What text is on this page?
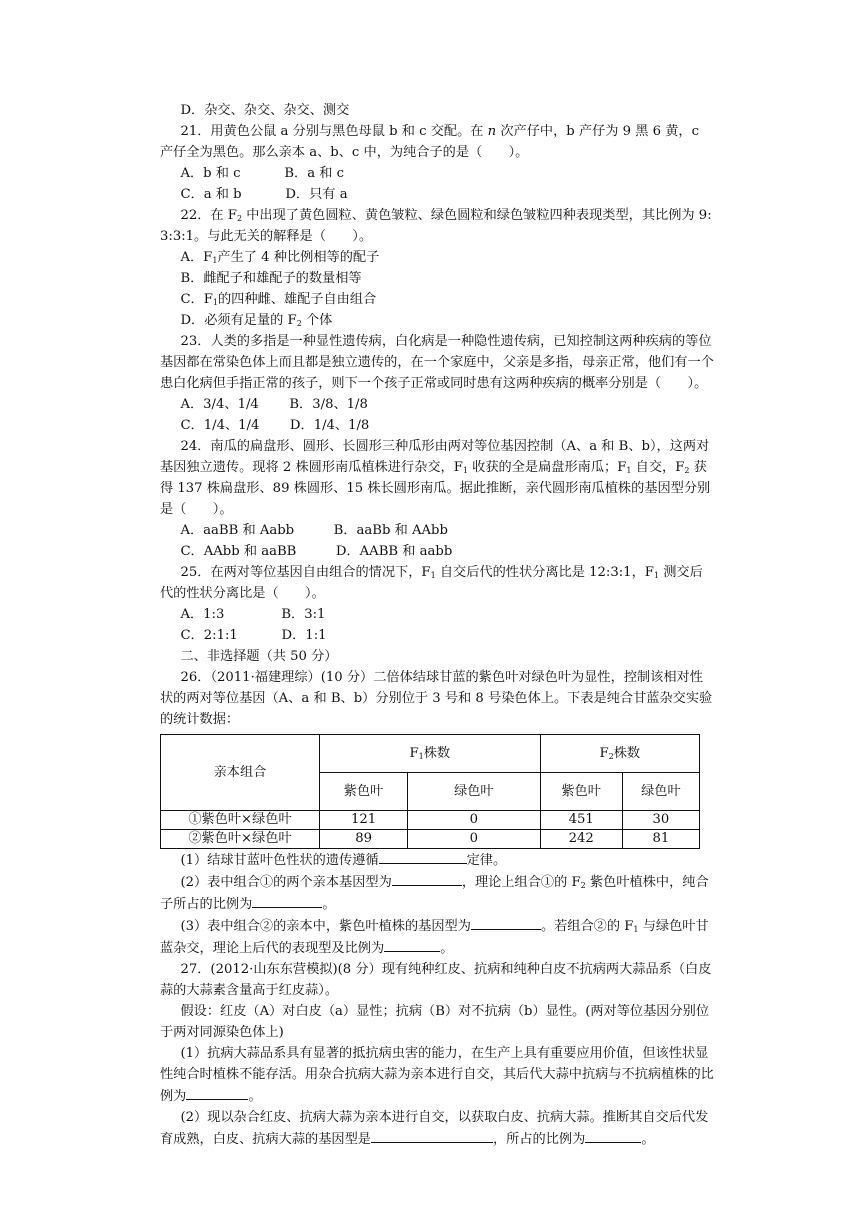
D．杂交、杂交、杂交、测交

21．用黄色公鼠 a 分别与黑色母鼠 b 和 c 交配。在 n 次产仔中，b 产仔为 9 黑 6 黄，c 产仔全为黑色。那么亲本 a、b、c 中，为纯合子的是（　　）。

A．b 和 c　　　 B．a 和 c

C．a 和 b　　　 D．只有 a

22．在 $F_2$ 中出现了黄色圆粒、黄色皱粒、绿色圆粒和绿色皱粒四种表现类型，其比例为 9:3:3:1。与此无关的解释是（　　）。

A．$F_1$产生了 4 种比例相等的配子

B．雌配子和雄配子的数量相等

C．$F_1$的四种雌、雄配子自由组合

D．必须有足量的 $F_2$ 个体

23．人类的多指是一种显性遗传病，白化病是一种隐性遗传病，已知控制这两种疾病的等位基因都在常染色体上而且都是独立遗传的，在一个家庭中，父亲是多指，母亲正常，他们有一个患白化病但手指正常的孩子，则下一个孩子正常或同时患有这两种疾病的概率分别是（　　）。

A．3/4、1/4　　 B．3/8、1/8

C．1/4、1/4　　 D．1/4、1/8

24．南瓜的扁盘形、圆形、长圆形三种瓜形由两对等位基因控制（A、a 和 B、b），这两对基因独立遗传。现将 2 株圆形南瓜植株进行杂交，$F_1$ 收获的全是扁盘形南瓜；$F_1$ 自交，$F_2$ 获得 137 株扁盘形、89 株圆形、15 株长圆形南瓜。据此推断，亲代圆形南瓜植株的基因型分别是（　　）。

A．aaBB 和 Aabb　　　B．aaBb 和 AAbb

C．AAbb 和 aaBB　　　D．AABB 和 aabb

25．在两对等位基因自由组合的情况下，$F_1$ 自交后代的性状分离比是 12:3:1，$F_1$ 测交后代的性状分离比是（　　）。

A．1:3　　　　 B．3:1

C．2:1:1　　　 D．1:1

二、非选择题（共 50 分）

26．（2011·福建理综）(10 分）二倍体结球甘蓝的紫色叶对绿色叶为显性，控制该相对性状的两对等位基因（A、a 和 B、b）分别位于 3 号和 8 号染色体上。下表是纯合甘蓝杂交实验的统计数据：

亲本组合	$F_1$株数		$F_2$株数	
	紫色叶	绿色叶	紫色叶	绿色叶
①紫色叶×绿色叶	121	0	451	30
②紫色叶×绿色叶	89	0	242	81

(1）结球甘蓝叶色性状的遗传遵循	定律。

(2）表中组合①的两个亲本基因型为	，理论上组合①的 $F_2$ 紫色叶植株中，纯合子所占的比例为	。

(3）表中组合②的亲本中，紫色叶植株的基因型为	。若组合②的 $F_1$ 与绿色叶甘蓝杂交，理论上后代的表现型及比例为	。

27．(2012·山东东营模拟)(8 分）现有纯种红皮、抗病和纯种白皮不抗病两大蒜品系（白皮蒜的大蒜素含量高于红皮蒜）。

假设：红皮（A）对白皮（a）显性；抗病（B）对不抗病（b）显性。(两对等位基因分别位于两对同源染色体上)

(1）抗病大蒜品系具有显著的抵抗病虫害的能力，在生产上具有重要应用价值，但该性状显性纯合时植株不能存活。用杂合抗病大蒜为亲本进行自交，其后代大蒜中抗病与不抗病植株的比例为	。

(2）现以杂合红皮、抗病大蒜为亲本进行自交，以获取白皮、抗病大蒜。推断其自交后代发育成熟，白皮、抗病大蒜的基因型是	，所占的比例为	。
